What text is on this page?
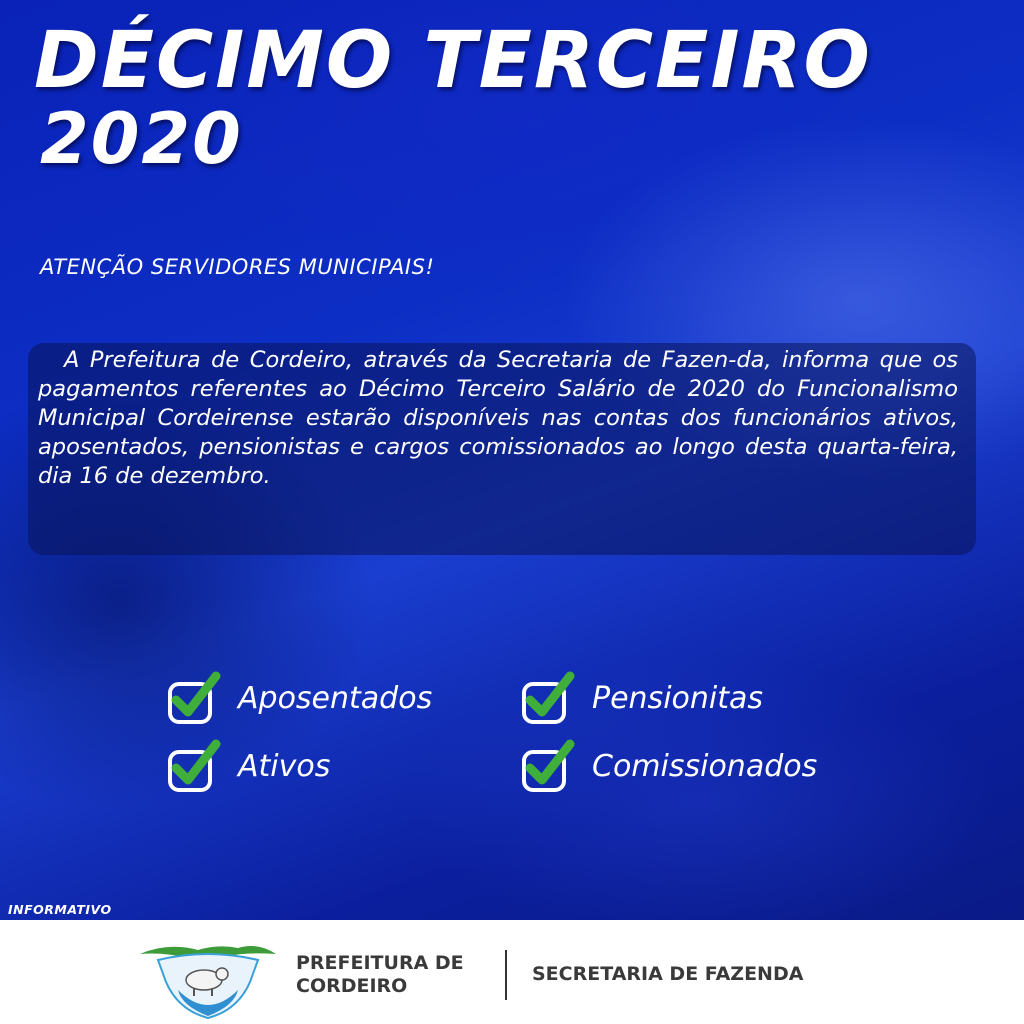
DÉCIMO TERCEIRO
2020

ATENÇÃO SERVIDORES MUNICIPAIS!

A Prefeitura de Cordeiro, através da Secretaria de Fazen-da, informa que os pagamentos referentes ao Décimo Terceiro Salário de 2020 do Funcionalismo Municipal Cordeirense estarão disponíveis nas contas dos funcionários ativos, aposentados, pensionistas e cargos comissionados ao longo desta quarta-feira, dia 16 de dezembro.

Aposentados	Pensionitas
Ativos	Comissionados

INFORMATIVO

PREFEITURA DE
CORDEIRO

SECRETARIA DE FAZENDA
